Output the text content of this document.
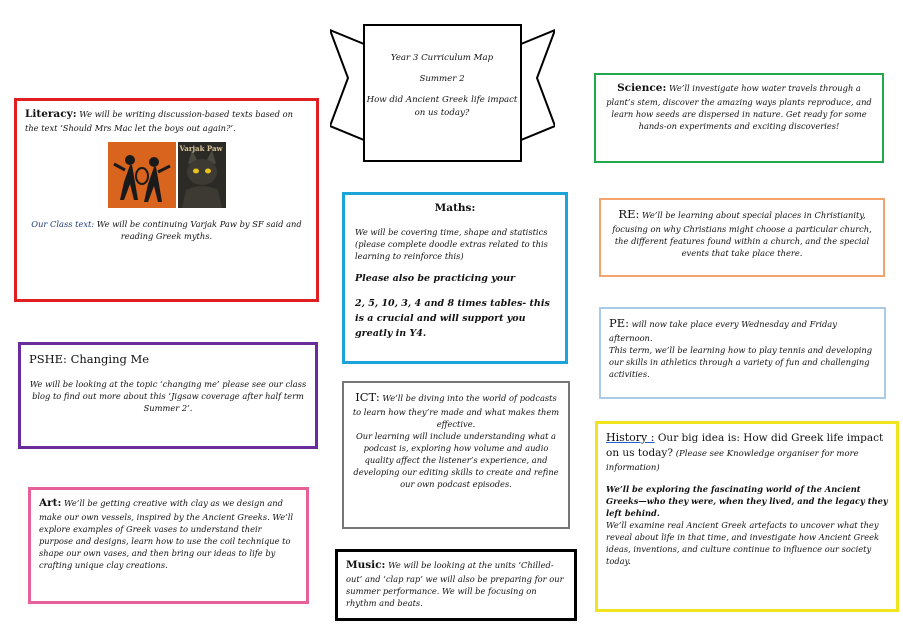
Year 3 Curriculum Map

Summer 2

How did Ancient Greek life impact on us today?

Literacy: We will be writing discussion-based texts based on the text ‘Should Mrs Mac let the boys out again?’.

Varjak Paw

Our Class text: We will be continuing Varjak Paw by SF said and reading Greek myths.

PSHE: Changing Me

We will be looking at the topic ‘changing me’ please see our class blog to find out more about this ‘Jigsaw coverage after half term Summer 2’.

Art: We’ll be getting creative with clay as we design and make our own vessels, inspired by the Ancient Greeks. We’ll explore examples of Greek vases to understand their purpose and designs, learn how to use the coil technique to shape our own vases, and then bring our ideas to life by crafting unique clay creations.

Maths:

We will be covering time, shape and statistics (please complete doodle extras related to this learning to reinforce this)

Please also be practicing your

2, 5, 10, 3, 4 and 8 times tables- this is a crucial and will support you greatly in Y4.

ICT: We’ll be diving into the world of podcasts to learn how they’re made and what makes them effective.

Our learning will include understanding what a podcast is, exploring how volume and audio quality affect the listener’s experience, and developing our editing skills to create and refine our own podcast episodes.

Music: We will be looking at the units ‘Chilled-out’ and ‘clap rap’ we will also be preparing for our summer performance. We will be focusing on rhythm and beats.

Science: We’ll investigate how water travels through a plant’s stem, discover the amazing ways plants reproduce, and learn how seeds are dispersed in nature. Get ready for some hands-on experiments and exciting discoveries!

RE: We’ll be learning about special places in Christianity, focusing on why Christians might choose a particular church, the different features found within a church, and the special events that take place there.

PE: will now take place every Wednesday and Friday afternoon.

This term, we’ll be learning how to play tennis and developing our skills in athletics through a variety of fun and challenging activities.

History : Our big idea is: How did Greek life impact on us today? (Please see Knowledge organiser for more information)

We’ll be exploring the fascinating world of the Ancient Greeks—who they were, when they lived, and the legacy they left behind.

We’ll examine real Ancient Greek artefacts to uncover what they reveal about life in that time, and investigate how Ancient Greek ideas, inventions, and culture continue to influence our society today.
